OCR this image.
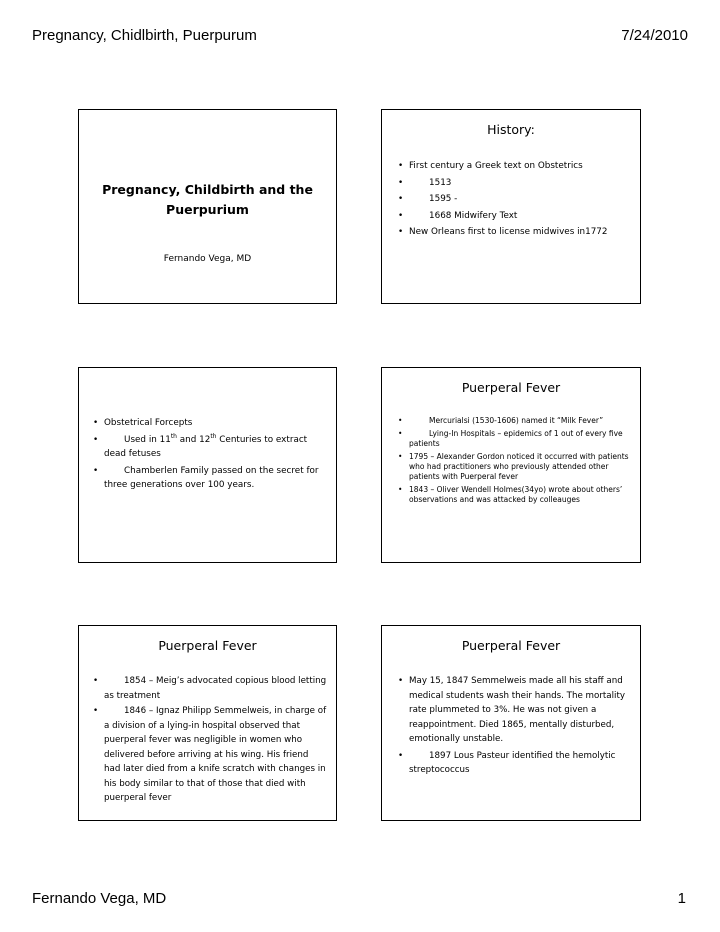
Pregnancy, Chidlbirth, Puerpurum	7/24/2010
Pregnancy, Childbirth and the
Puerpurium
Fernando Vega, MD
History:
• First century a Greek text on Obstetrics
• 1513
• 1595 -
• 1668 Midwifery Text
• New Orleans first to license midwives in1772
• Obstetrical Forcepts
• Used in 11th and 12th Centuries to extract dead fetuses
• Chamberlen Family passed on the secret for three generations over 100 years.
Puerperal Fever
• Mercurialsi (1530-1606) named it “Milk Fever”
• Lying-In Hospitals – epidemics of 1 out of every five patients
• 1795 – Alexander Gordon noticed it occurred with patients who had practitioners who previously attended other patients with Puerperal fever
• 1843 – Oliver Wendell Holmes(34yo) wrote about others’ observations and was attacked by colleauges
Puerperal Fever
• 1854 – Meig’s advocated copious blood letting as treatment
• 1846 – Ignaz Philipp Semmelweis, in charge of a division of a lying-in hospital observed that puerperal fever was negligible in women who delivered before arriving at his wing. His friend had later died from a knife scratch with changes in his body similar to that of those that died with puerperal fever
Puerperal Fever
• May 15, 1847 Semmelweis made all his staff and medical students wash their hands. The mortality rate plummeted to 3%. He was not given a reappointment. Died 1865, mentally disturbed, emotionally unstable.
• 1897 Lous Pasteur identified the hemolytic streptococcus
Fernando Vega, MD	1
